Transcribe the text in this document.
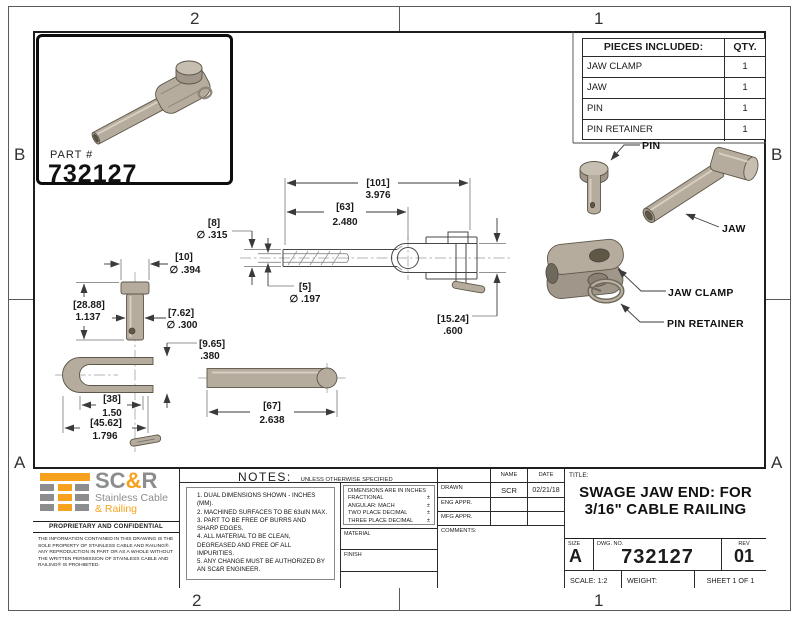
2	1
2	1
B
A
B
A
PIECES INCLUDED:	QTY.
JAW CLAMP	1
JAW	1
PIN	1
PIN RETAINER	1
PART #
732127	[101]
3.976
[63]
2.480
[8]
∅ .315
[5]
∅ .197
[15.24]
.600
[10]
∅ .394
[28.88]
1.137	[7.62]
∅ .300
[9.65]
.380
[38]
1.50
[45.62]
1.796
[67]
2.638
PIN
JAW
JAW CLAMP
PIN RETAINER
SC&R
Stainless Cable
& Railing
PROPRIETARY AND CONFIDENTIAL
THE INFORMATION CONTAINED IN THIS DRAWING IS THE SOLE PROPERTY OF STAINLESS CABLE AND RAILING®. ANY REPRODUCTION IN PART OR AS A WHOLE WITHOUT THE WRITTEN PERMISSION OF STAINLESS CABLE AND RAILING® IS PROHIBITED.
NOTES: UNLESS OTHERWISE SPECIFIED
1. DUAL DIMENSIONS SHOWN - INCHES (MM).
2. MACHINED SURFACES TO BE 63uIN MAX.
3. PART TO BE FREE OF BURRS AND SHARP EDGES.
4. ALL MATERIAL TO BE CLEAN, DEGREASED AND FREE OF ALL IMPURITIES.
5. ANY CHANGE MUST BE AUTHORIZED BY AN SC&R ENGINEER.
DIMENSIONS ARE IN INCHES
FRACTIONAL	±
ANGULAR: MACH	±
TWO PLACE DECIMAL	±
THREE PLACE DECIMAL ±
MATERIAL
FINISH
NAME	DATE
DRAWN	SCR	02/21/18
ENG APPR.
MFG APPR.
COMMENTS:
TITLE:
SWAGE JAW END: FOR
3/16" CABLE RAILING
SIZE
A
DWG. NO.
732127
REV
01
SCALE: 1:2	WEIGHT:	SHEET 1 OF 1
